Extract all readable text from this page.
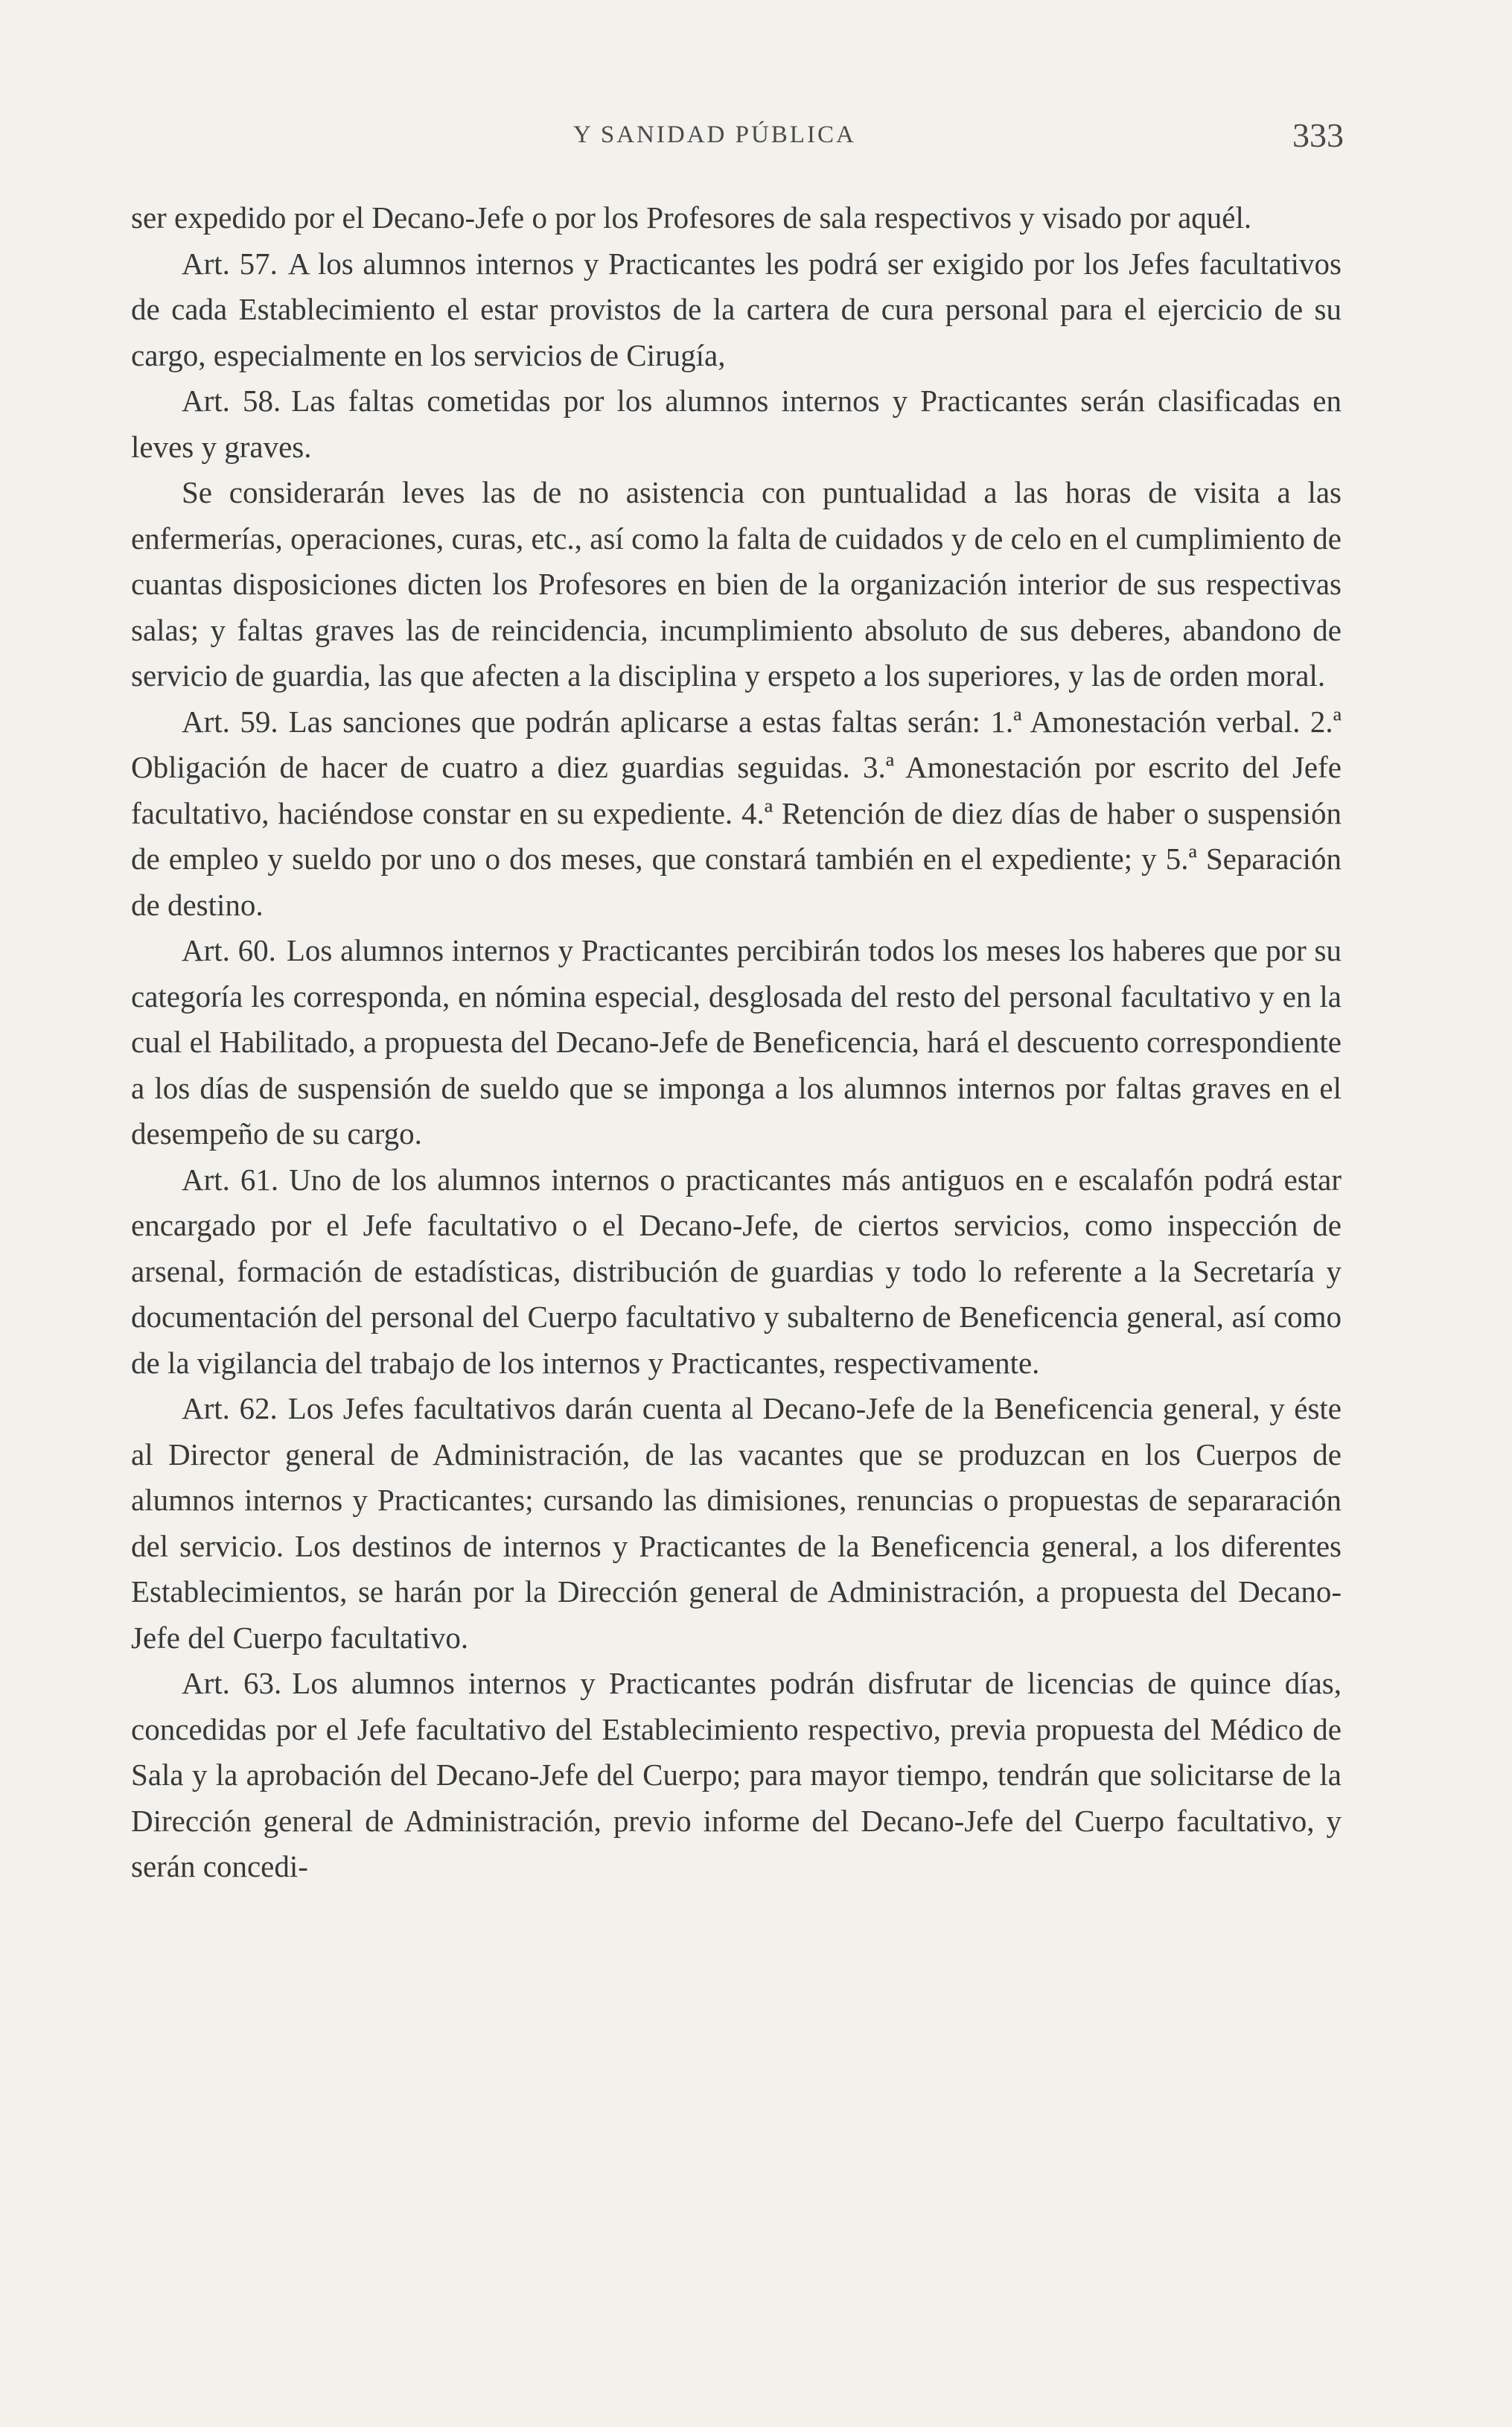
Y SANIDAD PÚBLICA	333

ser expedido por el Decano-Jefe o por los Profesores de sala respectivos y visado por aquél.

Art. 57. A los alumnos internos y Practicantes les podrá ser exigido por los Jefes facultativos de cada Establecimiento el estar provistos de la cartera de cura personal para el ejercicio de su cargo, especialmente en los servicios de Cirugía,

Art. 58. Las faltas cometidas por los alumnos internos y Practicantes serán clasificadas en leves y graves.

Se considerarán leves las de no asistencia con puntualidad a las horas de visita a las enfermerías, operaciones, curas, etc., así como la falta de cuidados y de celo en el cumplimiento de cuantas disposiciones dicten los Profesores en bien de la organización interior de sus respectivas salas; y faltas graves las de reincidencia, incumplimiento absoluto de sus deberes, abandono de servicio de guardia, las que afecten a la disciplina y erspeto a los superiores, y las de orden moral.

Art. 59. Las sanciones que podrán aplicarse a estas faltas serán: 1.ª Amonestación verbal. 2.ª Obligación de hacer de cuatro a diez guardias seguidas. 3.ª Amonestación por escrito del Jefe facultativo, haciéndose constar en su expediente. 4.ª Retención de diez días de haber o suspensión de empleo y sueldo por uno o dos meses, que constará también en el expediente; y 5.ª Separación de destino.

Art. 60. Los alumnos internos y Practicantes percibirán todos los meses los haberes que por su categoría les corresponda, en nómina especial, desglosada del resto del personal facultativo y en la cual el Habilitado, a propuesta del Decano-Jefe de Beneficencia, hará el descuento correspondiente a los días de suspensión de sueldo que se imponga a los alumnos internos por faltas graves en el desempeño de su cargo.

Art. 61. Uno de los alumnos internos o practicantes más antiguos en e escalafón podrá estar encargado por el Jefe facultativo o el Decano-Jefe, de ciertos servicios, como inspección de arsenal, formación de estadísticas, distribución de guardias y todo lo referente a la Secretaría y documentación del personal del Cuerpo facultativo y subalterno de Beneficencia general, así como de la vigilancia del trabajo de los internos y Practicantes, respectivamente.

Art. 62. Los Jefes facultativos darán cuenta al Decano-Jefe de la Beneficencia general, y éste al Director general de Administración, de las vacantes que se produzcan en los Cuerpos de alumnos internos y Practicantes; cursando las dimisiones, renuncias o propuestas de separaración del servicio. Los destinos de internos y Practicantes de la Beneficencia general, a los diferentes Establecimientos, se harán por la Dirección general de Administración, a propuesta del Decano-Jefe del Cuerpo facultativo.

Art. 63. Los alumnos internos y Practicantes podrán disfrutar de licencias de quince días, concedidas por el Jefe facultativo del Establecimiento respectivo, previa propuesta del Médico de Sala y la aprobación del Decano-Jefe del Cuerpo; para mayor tiempo, tendrán que solicitarse de la Dirección general de Administración, previo informe del Decano-Jefe del Cuerpo facultativo, y serán concedi-
